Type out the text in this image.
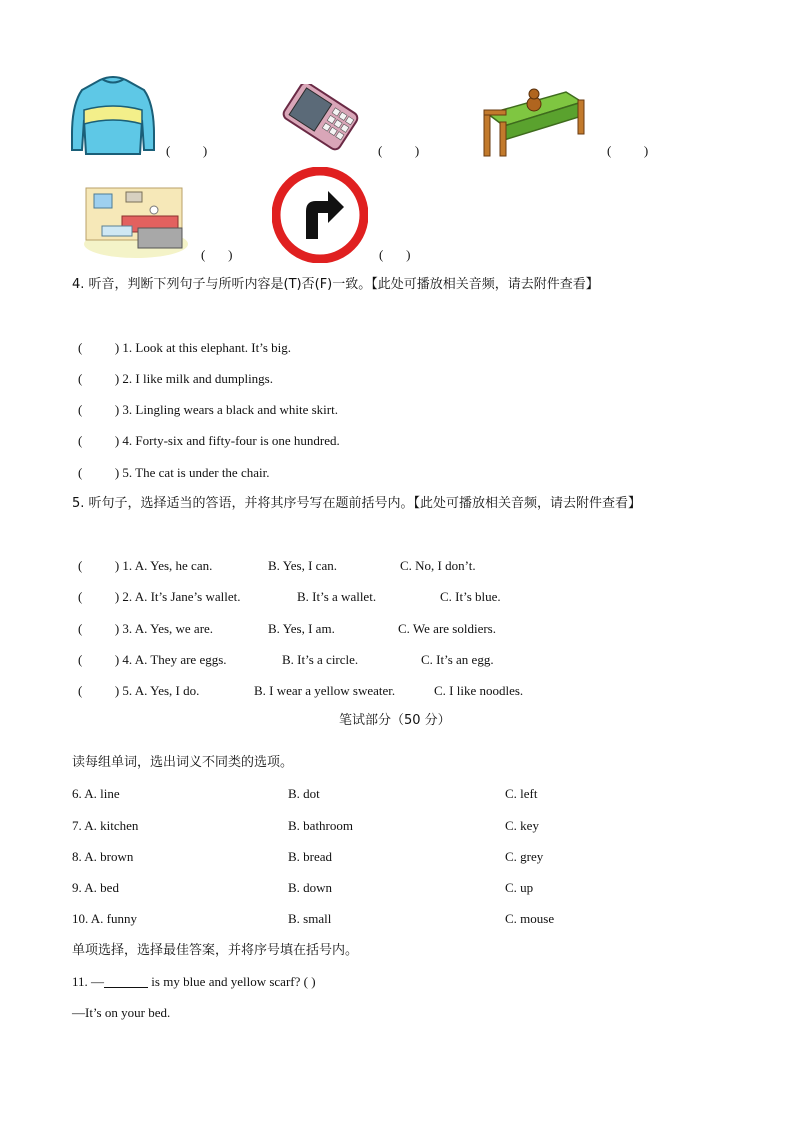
(          )	(          )	(          )
(       )	(       )
4. 听音，判断下列句子与所听内容是(T)否(F)一致。【此处可播放相关音频，请去附件查看】
(          ) 1. Look at this elephant. It’s big.
(          ) 2. I like milk and dumplings.
(          ) 3. Lingling wears a black and white skirt.
(          ) 4. Forty-six and fifty-four is one hundred.
(          ) 5. The cat is under the chair.
5. 听句子，选择适当的答语，并将其序号写在题前括号内。【此处可播放相关音频，请去附件查看】
(          ) 1. A. Yes, he can.	B. Yes, I can.	C. No, I don’t.
(          ) 2. A. It’s Jane’s wallet.	B. It’s a wallet.	C. It’s blue.
(          ) 3. A. Yes, we are.	B. Yes, I am.	C. We are soldiers.
(          ) 4. A. They are eggs.	B. It’s a circle.	C. It’s an egg.
(          ) 5. A. Yes, I do.	B. I wear a yellow sweater.	C. I like noodles.
笔试部分（50 分）
读每组单词，选出词义不同类的选项。
6. A. line	B. dot	C. left
7. A. kitchen	B. bathroom	C. key
8. A. brown	B. bread	C. grey
9. A. bed	B. down	C. up
10. A. funny	B. small	C. mouse
单项选择，选择最佳答案，并将序号填在括号内。
11. —	is my blue and yellow scarf? ( )
—It’s on your bed.
